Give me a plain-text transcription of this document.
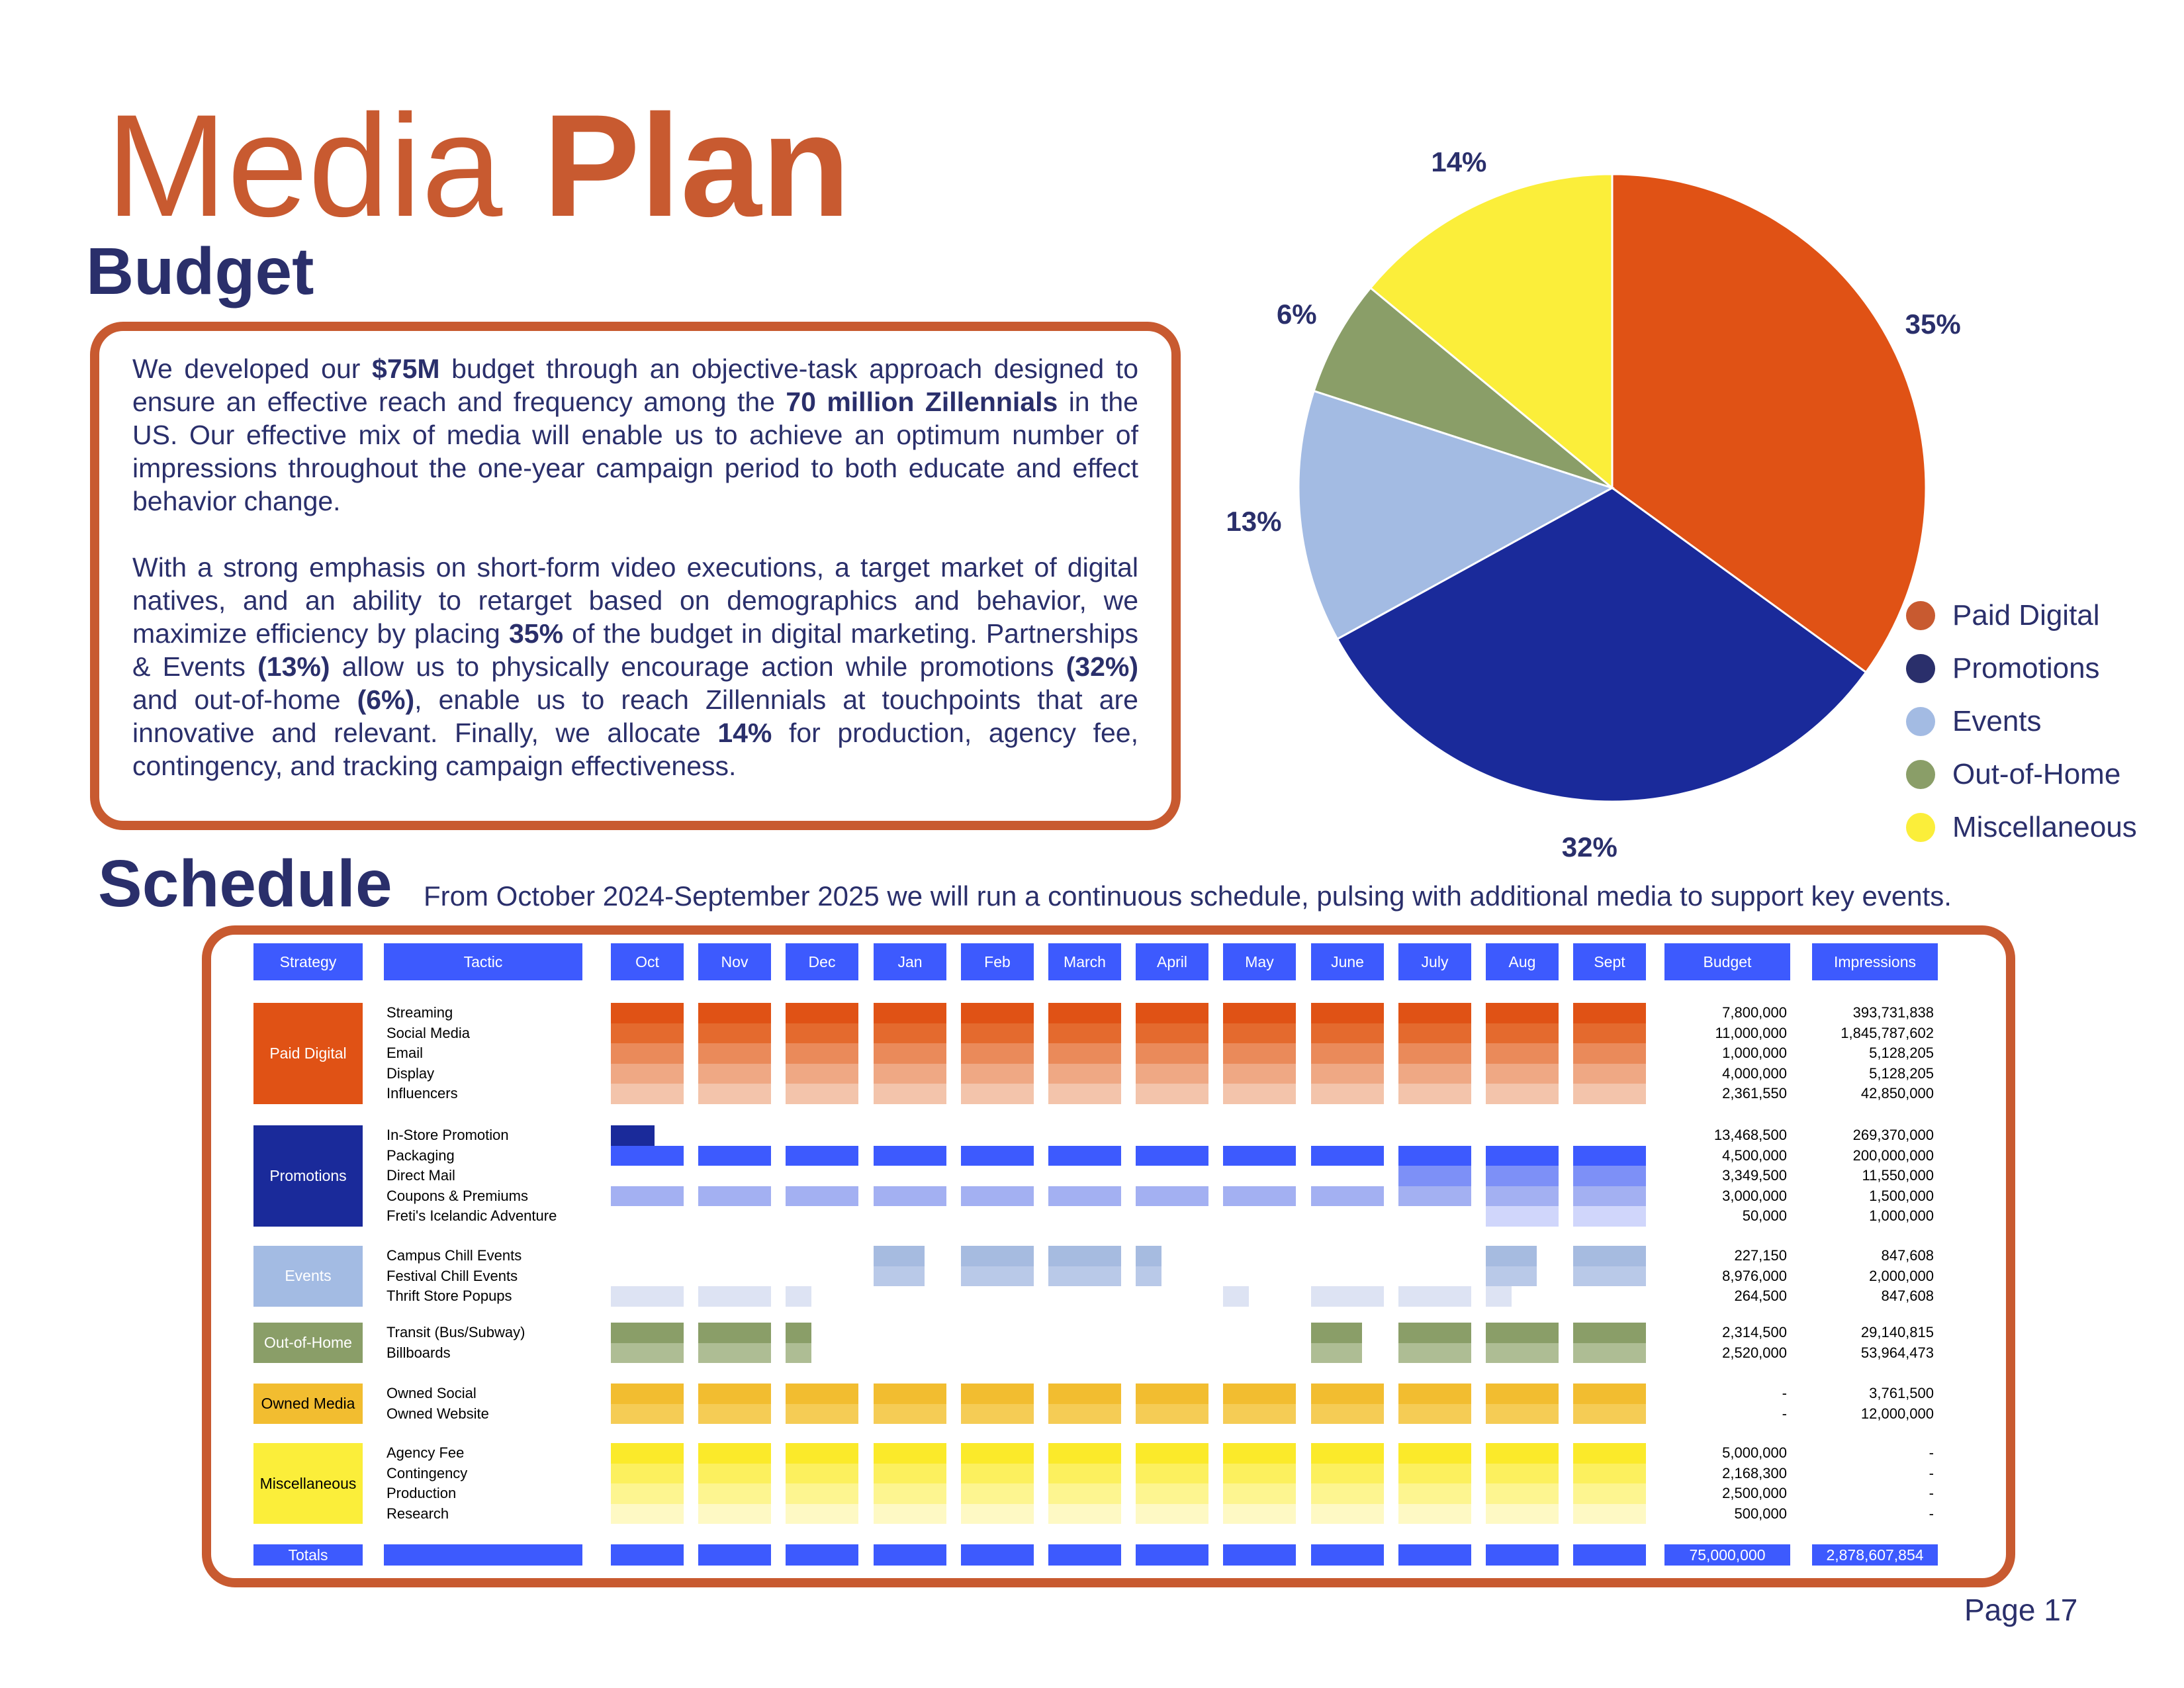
Media Plan
Budget

We developed our $75M budget through an objective-task approach designed to ensure an effective reach and frequency among the 70 million Zillennials in the US. Our effective mix of media will enable us to achieve an optimum number of impressions throughout the one-year campaign period to both educate and effect behavior change.

With a strong emphasis on short-form video executions, a target market of digital natives, and an ability to retarget based on demographics and behavior, we maximize efficiency by placing 35% of the budget in digital marketing. Partnerships & Events (13%) allow us to physically encourage action while promotions (32%) and out-of-home (6%), enable us to reach Zillennials at touchpoints that are innovative and relevant. Finally, we allocate 14% for production, agency fee, contingency, and tracking campaign effectiveness.

35%
32%
13%
6%
14%
Paid Digital
Promotions
Events
Out-of-Home
Miscellaneous
Schedule From October 2024-September 2025 we will run a continuous schedule, pulsing with additional media to support key events.
Strategy	Tactic	Oct	Nov	Dec	Jan	Feb	March	April	May	June	July	Aug	Sept	Budget	Impressions
Paid Digital
Streaming	7,800,000	393,731,838
Social Media	11,000,000	1,845,787,602
Email	1,000,000	5,128,205
Display	4,000,000	5,128,205
Influencers	2,361,550	42,850,000
Promotions
In-Store Promotion	13,468,500	269,370,000
Packaging	4,500,000	200,000,000
Direct Mail	3,349,500	11,550,000
Coupons & Premiums	3,000,000	1,500,000
Freti's Icelandic Adventure	50,000	1,000,000
Events
Campus Chill Events	227,150	847,608
Festival Chill Events	8,976,000	2,000,000
Thrift Store Popups	264,500	847,608
Out-of-Home
Transit (Bus/Subway)	2,314,500	29,140,815
Billboards	2,520,000	53,964,473
Owned Media
Owned Social	-	3,761,500
Owned Website	-	12,000,000
Miscellaneous
Agency Fee	5,000,000	-
Contingency	2,168,300	-
Production	2,500,000	-
Research	500,000	-
Totals	75,000,000	2,878,607,854
Page 17
